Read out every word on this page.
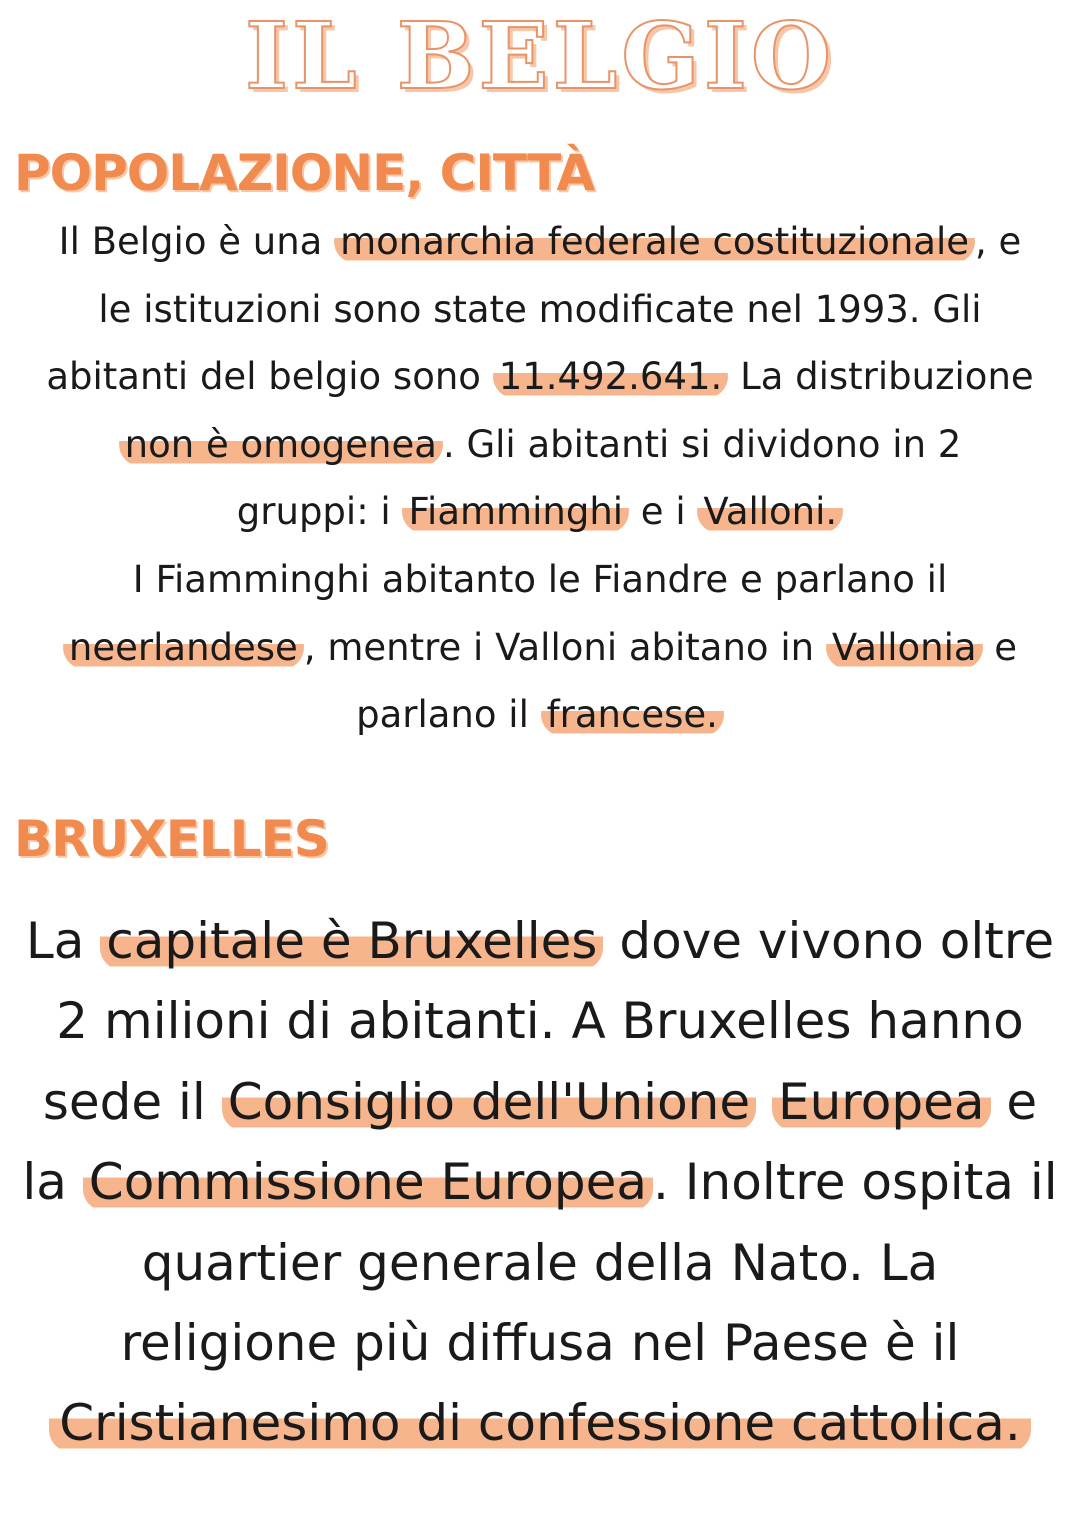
IL BELGIO
POPOLAZIONE, CITTÀ

Il Belgio è una monarchia federale costituzionale , e
le istituzioni sono state modificate nel 1993. Gli
abitanti del belgio sono 11.492.641. La distribuzione
non è omogenea . Gli abitanti si dividono in 2
gruppi: i Fiamminghi e i Valloni.
I Fiamminghi abitanto le Fiandre e parlano il
neerlandese , mentre i Valloni abitano in Vallonia e
parlano il francese.

BRUXELLES

La capitale è Bruxelles dove vivono oltre
2 milioni di abitanti. A Bruxelles hanno
sede il Consiglio dell'Unione Europea e
la Commissione Europea . Inoltre ospita il
quartier generale della Nato. La
religione più diffusa nel Paese è il
Cristianesimo di confessione cattolica.
